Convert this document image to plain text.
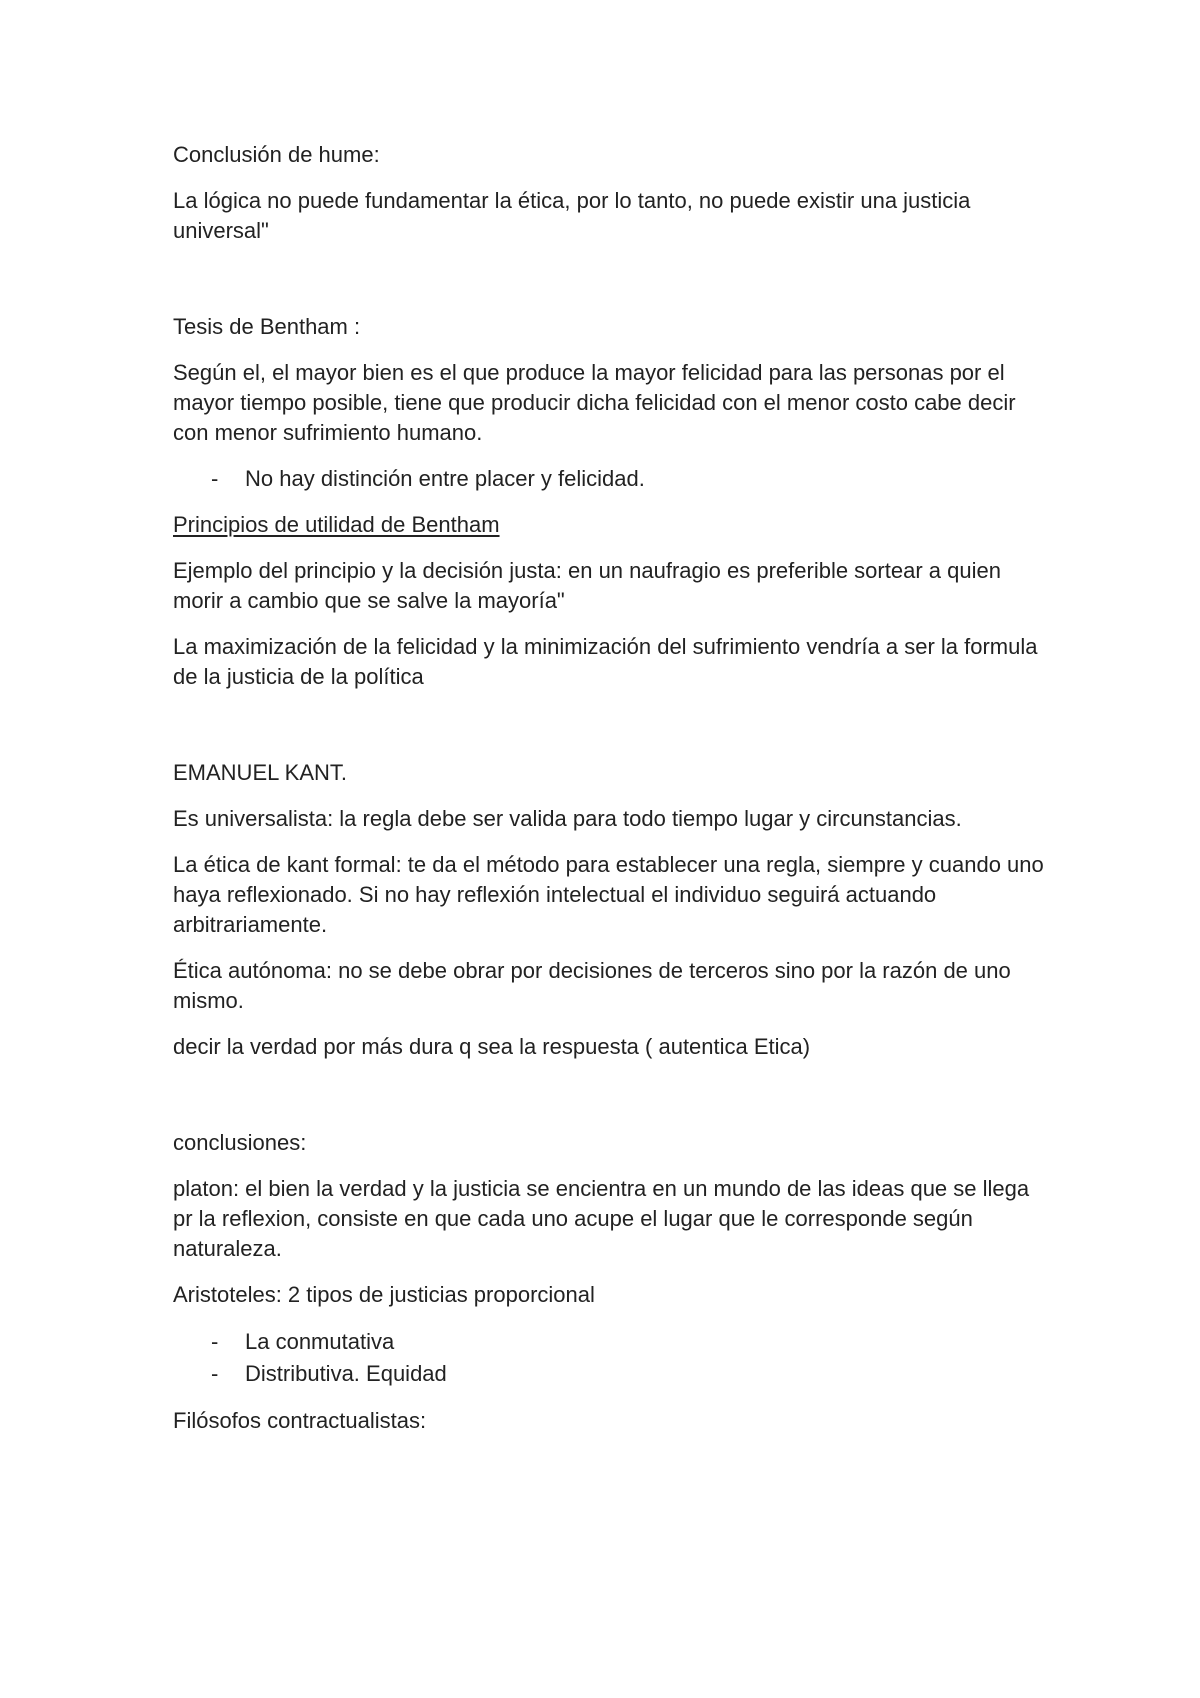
Conclusión de hume:

La lógica no puede fundamentar la ética, por lo tanto, no puede existir una justicia universal"

Tesis de Bentham :

Según el, el mayor bien es el que produce la mayor felicidad para las personas por el mayor tiempo posible, tiene que producir dicha felicidad con el menor costo cabe decir con menor sufrimiento humano.

- No hay distinción entre placer y felicidad.

Principios de utilidad de Bentham

Ejemplo del principio y la decisión justa: en un naufragio es preferible sortear a quien morir a cambio que se salve la mayoría"

La maximización de la felicidad y la minimización del sufrimiento vendría a ser la formula de la justicia de la política

EMANUEL KANT.

Es universalista: la regla debe ser valida para todo tiempo lugar y circunstancias.

La ética de kant formal: te da el método para establecer una regla, siempre y cuando uno haya reflexionado. Si no hay reflexión intelectual el individuo seguirá actuando arbitrariamente.

Ética autónoma: no se debe obrar por decisiones de terceros sino por la razón de uno mismo.

decir la verdad por más dura q sea la respuesta ( autentica Etica)

conclusiones:

platon: el bien la verdad y la justicia se encientra en un mundo de las ideas que se llega pr la reflexion, consiste en que cada uno acupe el lugar que le corresponde según naturaleza.

Aristoteles: 2 tipos de justicias proporcional

- La conmutativa
- Distributiva. Equidad

Filósofos contractualistas:
